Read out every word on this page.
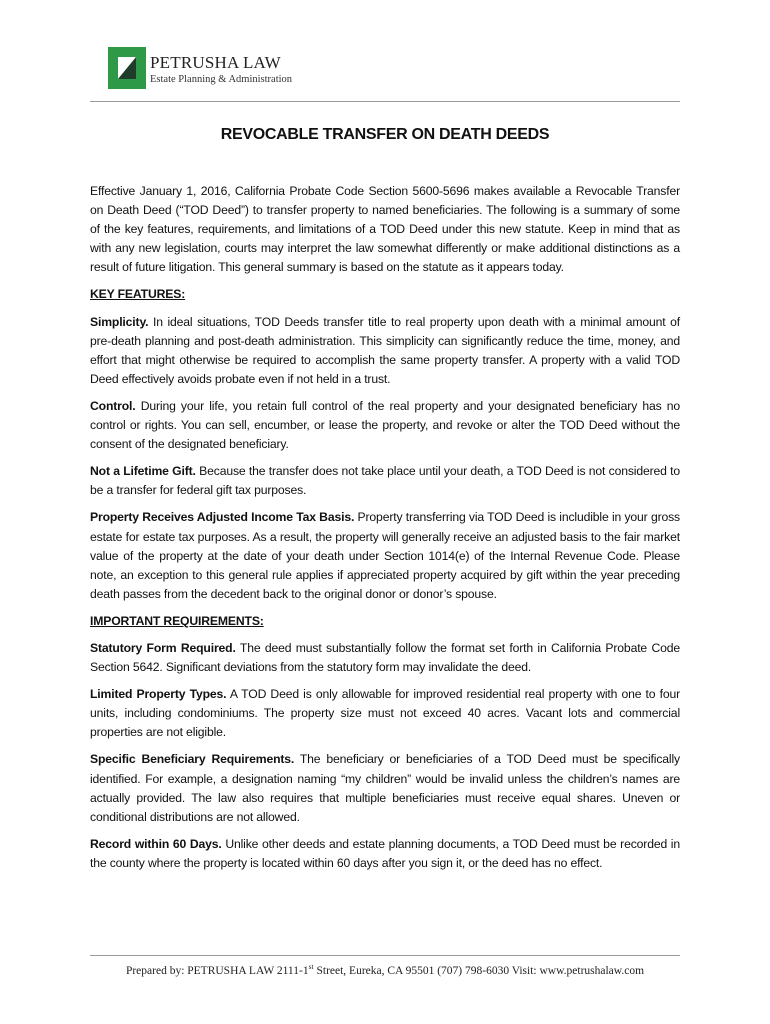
PETRUSHA LAW
Estate Planning & Administration
REVOCABLE TRANSFER ON DEATH DEEDS

Effective January 1, 2016, California Probate Code Section 5600-5696 makes available a Revocable Transfer on Death Deed (“TOD Deed”) to transfer property to named beneficiaries. The following is a summary of some of the key features, requirements, and limitations of a TOD Deed under this new statute. Keep in mind that as with any new legislation, courts may interpret the law somewhat differently or make additional distinctions as a result of future litigation. This general summary is based on the statute as it appears today.

KEY FEATURES:

Simplicity. In ideal situations, TOD Deeds transfer title to real property upon death with a minimal amount of pre-death planning and post-death administration. This simplicity can significantly reduce the time, money, and effort that might otherwise be required to accomplish the same property transfer. A property with a valid TOD Deed effectively avoids probate even if not held in a trust.

Control. During your life, you retain full control of the real property and your designated beneficiary has no control or rights. You can sell, encumber, or lease the property, and revoke or alter the TOD Deed without the consent of the designated beneficiary.

Not a Lifetime Gift. Because the transfer does not take place until your death, a TOD Deed is not considered to be a transfer for federal gift tax purposes.

Property Receives Adjusted Income Tax Basis. Property transferring via TOD Deed is includible in your gross estate for estate tax purposes. As a result, the property will generally receive an adjusted basis to the fair market value of the property at the date of your death under Section 1014(e) of the Internal Revenue Code. Please note, an exception to this general rule applies if appreciated property acquired by gift within the year preceding death passes from the decedent back to the original donor or donor’s spouse.

IMPORTANT REQUIREMENTS:

Statutory Form Required. The deed must substantially follow the format set forth in California Probate Code Section 5642. Significant deviations from the statutory form may invalidate the deed.

Limited Property Types. A TOD Deed is only allowable for improved residential real property with one to four units, including condominiums. The property size must not exceed 40 acres. Vacant lots and commercial properties are not eligible.

Specific Beneficiary Requirements. The beneficiary or beneficiaries of a TOD Deed must be specifically identified. For example, a designation naming “my children” would be invalid unless the children’s names are actually provided. The law also requires that multiple beneficiaries must receive equal shares. Uneven or conditional distributions are not allowed.

Record within 60 Days. Unlike other deeds and estate planning documents, a TOD Deed must be recorded in the county where the property is located within 60 days after you sign it, or the deed has no effect.

Prepared by: PETRUSHA LAW 2111-1st Street, Eureka, CA 95501 (707) 798-6030 Visit: www.petrushalaw.com
